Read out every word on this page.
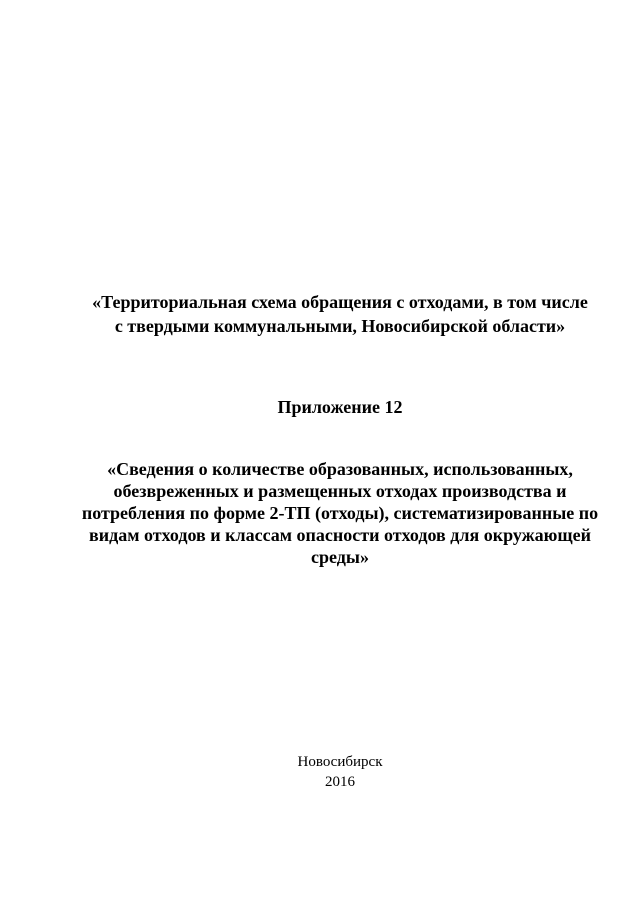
«Территориальная схема обращения с отходами, в том числе
с твердыми коммунальными, Новосибирской области»
Приложение 12
«Сведения о количестве образованных, использованных,
обезвреженных и размещенных отходах производства и
потребления по форме 2-ТП (отходы), систематизированные по
видам отходов и классам опасности отходов для окружающей
среды»
Новосибирск
2016
